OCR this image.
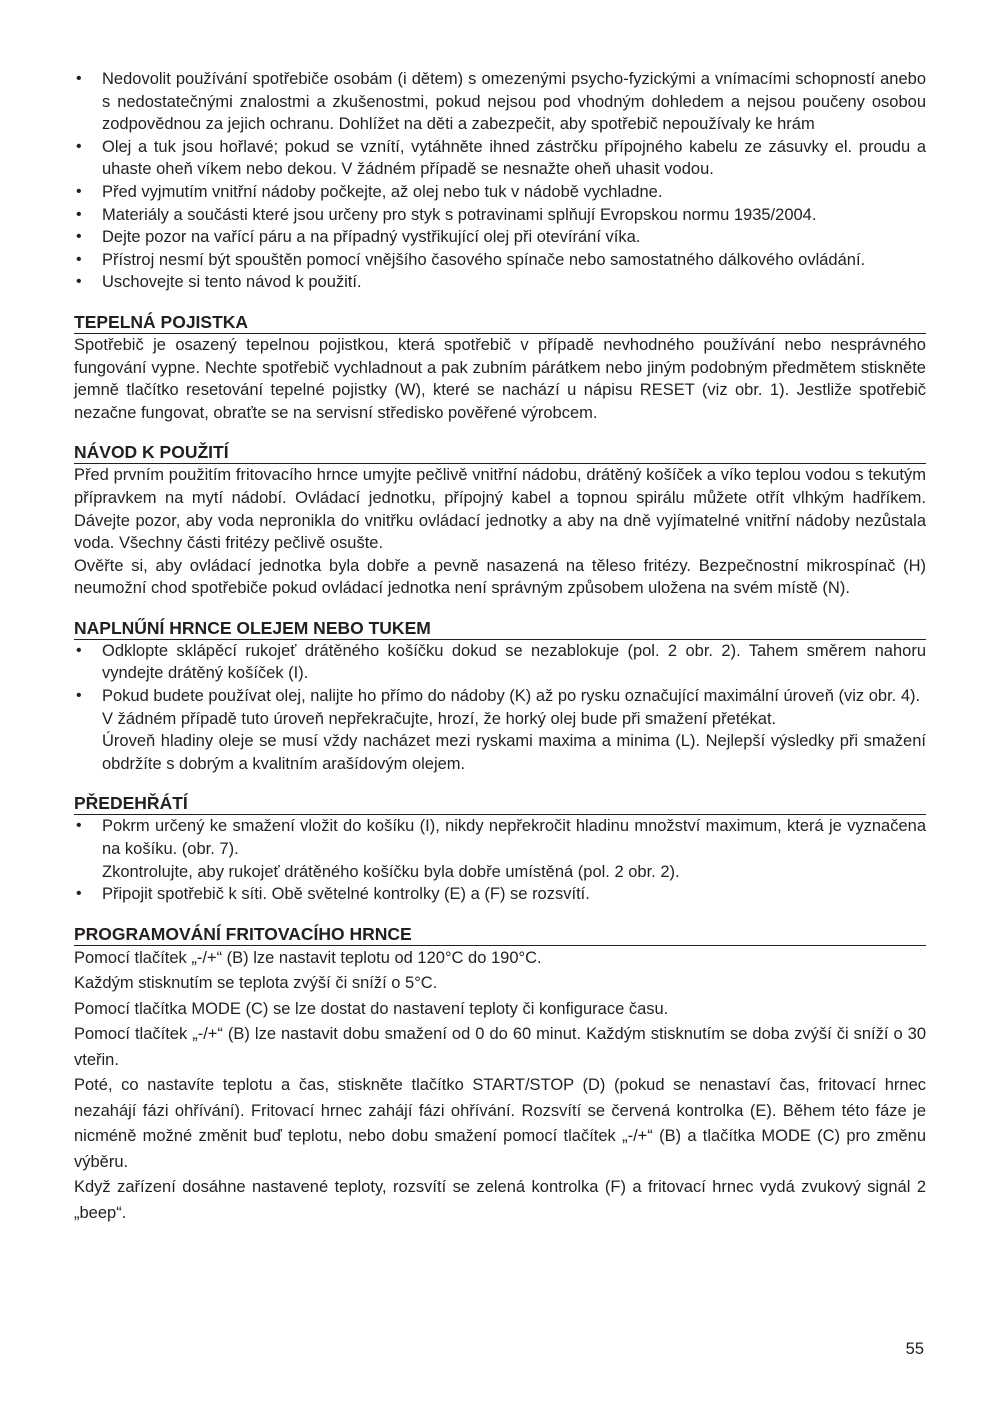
• Nedovolit používání spotřebiče osobám (i dětem) s omezenými psycho-fyzickými a vnímacími schopností anebo s nedostatečnými znalostmi a zkušenostmi, pokud nejsou pod vhodným dohledem a nejsou poučeny osobou zodpovědnou za jejich ochranu. Dohlížet na děti a zabezpečit, aby spotřebič nepoužívaly ke hrám

• Olej a tuk jsou hořlavé; pokud se vznítí, vytáhněte ihned zástrčku přípojného kabelu ze zásuvky el. proudu a uhaste oheň víkem nebo dekou. V žádném případě se nesnažte oheň uhasit vodou.

• Před vyjmutím vnitřní nádoby počkejte, až olej nebo tuk v nádobě vychladne.

• Materiály a součásti které jsou určeny pro styk s potravinami splňují Evropskou normu 1935/2004.

• Dejte pozor na vařící páru a na případný vystřikující olej při otevírání víka.

• Přístroj nesmí být spouštěn pomocí vnějšího časového spínače nebo samostatného dálkového ovládání.

• Uschovejte si tento návod k použití.

TEPELNÁ POJISTKA

Spotřebič je osazený tepelnou pojistkou, která spotřebič v případě nevhodného používání nebo nesprávného fungování vypne. Nechte spotřebič vychladnout a pak zubním párátkem nebo jiným podobným předmětem stiskněte jemně tlačítko resetování tepelné pojistky (W), které se nachází u nápisu RESET (viz obr. 1). Jestliže spotřebič nezačne fungovat, obraťte se na servisní středisko pověřené výrobcem.

NÁVOD K POUŽITÍ

Před prvním použitím fritovacího hrnce umyjte pečlivě vnitřní nádobu, drátěný košíček a víko teplou vodou s tekutým přípravkem na mytí nádobí. Ovládací jednotku, přípojný kabel a topnou spirálu můžete otřít vlhkým hadříkem. Dávejte pozor, aby voda nepronikla do vnitřku ovládací jednotky a aby na dně vyjímatelné vnitřní nádoby nezůstala voda. Všechny části fritézy pečlivě osušte.

Ověřte si, aby ovládací jednotka byla dobře a pevně nasazená na těleso fritézy. Bezpečnostní mikrospínač (H) neumožní chod spotřebiče pokud ovládací jednotka není správným způsobem uložena na svém místě (N).

NAPLNŰNÍ HRNCE OLEJEM NEBO TUKEM

• Odklopte sklápěcí rukojeť drátěného košíčku dokud se nezablokuje (pol. 2 obr. 2). Tahem směrem nahoru vyndejte drátěný košíček (I).

• Pokud budete používat olej, nalijte ho přímo do nádoby (K) až po rysku označující maximální úroveň (viz obr. 4).

V žádném případě tuto úroveň nepřekračujte, hrozí, že horký olej bude při smažení přetékat.

Úroveň hladiny oleje se musí vždy nacházet mezi ryskami maxima a minima (L). Nejlepší výsledky při smažení obdržíte s dobrým a kvalitním arašídovým olejem.

PŘEDEHŘÁTÍ

• Pokrm určený ke smažení vložit do košíku (I), nikdy nepřekročit hladinu množství maximum, která je vyznačena na košíku. (obr. 7).

Zkontrolujte, aby rukojeť drátěného košíčku byla dobře umístěná (pol. 2 obr. 2).

• Připojit spotřebič k síti. Obě světelné kontrolky (E) a (F) se rozsvítí.

PROGRAMOVÁNÍ FRITOVACÍHO HRNCE

Pomocí tlačítek „-/+“ (B) lze nastavit teplotu od 120°C do 190°C.

Každým stisknutím se teplota zvýší či sníží o 5°C.

Pomocí tlačítka MODE (C) se lze dostat do nastavení teploty či konfigurace času.

Pomocí tlačítek „-/+“ (B) lze nastavit dobu smažení od 0 do 60 minut. Každým stisknutím se doba zvýší či sníží o 30 vteřin.

Poté, co nastavíte teplotu a čas, stiskněte tlačítko START/STOP (D) (pokud se nenastaví čas, fritovací hrnec nezahájí fázi ohřívání). Fritovací hrnec zahájí fázi ohřívání. Rozsvítí se červená kontrolka (E). Během této fáze je nicméně možné změnit buď teplotu, nebo dobu smažení pomocí tlačítek „-/+“ (B) a tlačítka MODE (C) pro změnu výběru.

Když zařízení dosáhne nastavené teploty, rozsvítí se zelená kontrolka (F) a fritovací hrnec vydá zvukový signál 2 „beep“.

55
